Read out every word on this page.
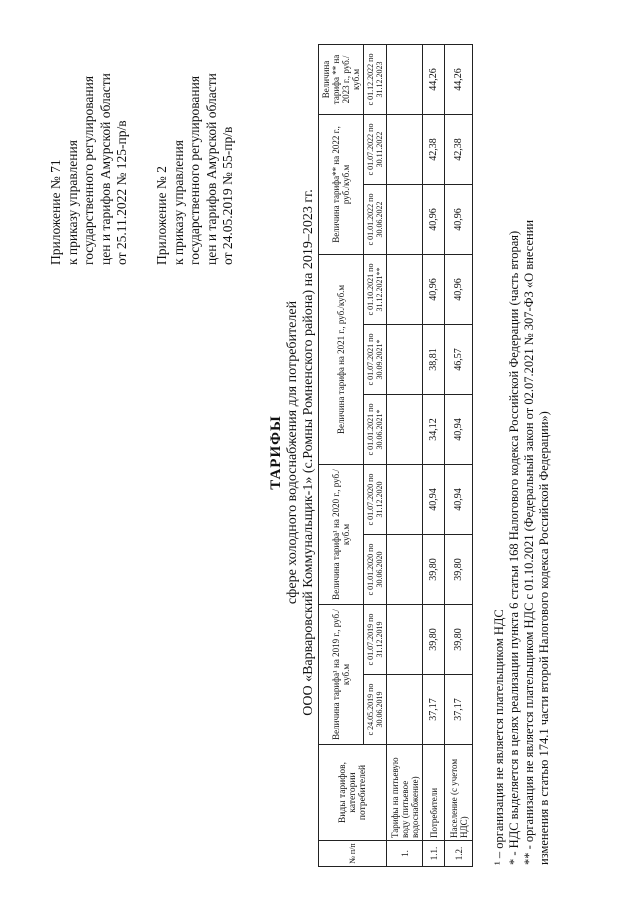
Приложение № 71 к приказу управления государственного регулирования цен и тарифов Амурской области от 25.11.2022 № 125-пр/в Приложение № 2 к приказу управления государственного регулирования цен и тарифов Амурской области от 24.05.2019 № 55-пр/в
ТАРИФЫ сфере холодного водоснабжения для потребителей ООО «Варваровский Коммунальщик-1» (с.Ромны Ромненского района) на 2019–2023 гг.
№ п/п	Виды тарифов, категории потребителей	Величина тарифа¹ на 2019 г., руб./куб.м		Величина тарифа¹ на 2020 г., руб./куб.м		Величина тарифа на 2021 г., руб./куб.м			Величина тарифа** на 2022 г., руб./куб.м		Величина тарифа ** на 2023 г., руб./куб.м
		с 24.05.2019 по 30.06.2019	с 01.07.2019 по 31.12.2019	с 01.01.2020 по 30.06.2020	с 01.07.2020 по 31.12.2020	с 01.01.2021 по 30.06.2021*	с 01.07.2021 по 30.09.2021*	с 01.10.2021 по 31.12.2021**	с 01.01.2022 по 30.06.2022	с 01.07.2022 по 30.11.2022	с 01.12.2022 по 31.12.2023
1.	Тарифы на питьевую воду (питьевое водоснабжение)										
1.1.	Потребители	37,17	39,80	39,80	40,94	34,12	38,81	40,96	40,96	42,38	44,26
1.2.	Население (с учетом НДС)	37,17	39,80	39,80	40,94	40,94	46,57	40,96	40,96	42,38	44,26
¹ – организация не является плательщиком НДС * - НДС выделяется в целях реализации пункта 6 статьи 168 Налогового кодекса Российской Федерации (часть вторая) ** - организация не является плательщиком НДС с 01.10.2021 (Федеральный закон от 02.07.2021 № 307-ФЗ «О внесении изменения в статью 174.1 части второй Налогового кодекса Российской Федерации»)
